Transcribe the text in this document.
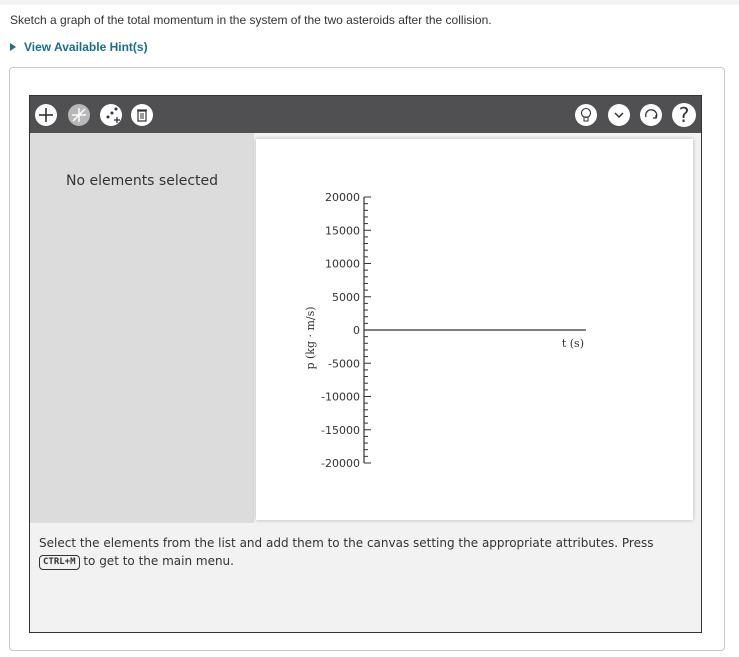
Sketch a graph of the total momentum in the system of the two asteroids after the collision.
View Available Hint(s)
?
No elements selected
20000
15000
10000
5000
0
-5000
-10000
-15000
-20000
t (s)
p (kg · m/s)
Select the elements from the list and add them to the canvas setting the appropriate attributes. Press CTRL+M to get to the main menu.
